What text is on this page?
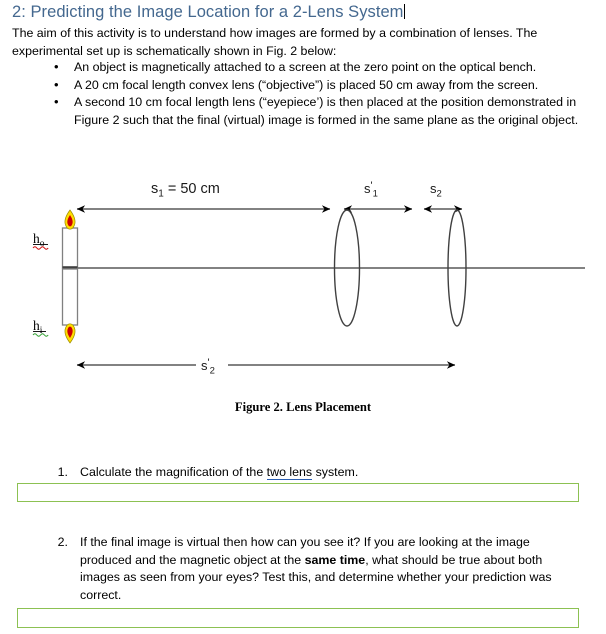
2: Predicting the Image Location for a 2-Lens System
The aim of this activity is to understand how images are formed by a combination of lenses. The experimental set up is schematically shown in Fig. 2 below:
• An object is magnetically attached to a screen at the zero point on the optical bench.
• A 20 cm focal length convex lens (“objective”) is placed 50 cm away from the screen.
• A second 10 cm focal length lens (“eyepiece’) is then placed at the position demonstrated in Figure 2 such that the final (virtual) image is formed in the same plane as the original object.
$h_o$
$h_i$
$s_1 = 50$ cm	$s'_1$	$s_2$
$s'_2$
Figure 2. Lens Placement
1. Calculate the magnification of the two lens system.
2. If the final image is virtual then how can you see it? If you are looking at the image produced and the magnetic object at the same time, what should be true about both images as seen from your eyes? Test this, and determine whether your prediction was correct.
